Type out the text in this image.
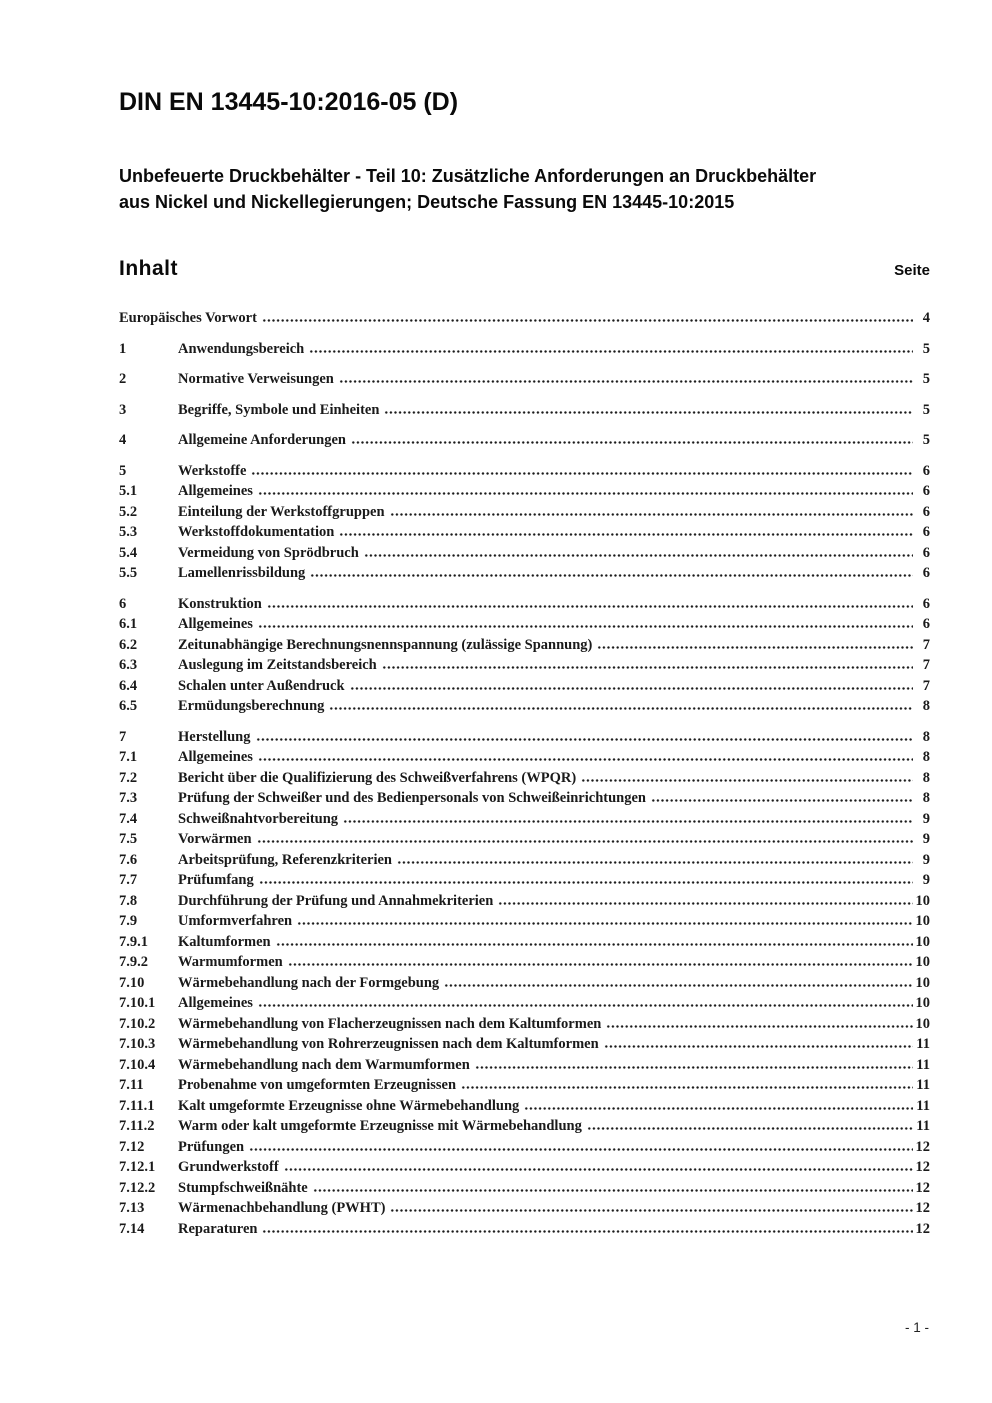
DIN EN 13445-10:2016-05 (D)
Unbefeuerte Druckbehälter - Teil 10: Zusätzliche Anforderungen an Druckbehälter
aus Nickel und Nickellegierungen; Deutsche Fassung EN 13445-10:2015
Inhalt	Seite
Europäisches Vorwort	4
1	Anwendungsbereich	5
2	Normative Verweisungen	5
3	Begriffe, Symbole und Einheiten	5
4	Allgemeine Anforderungen	5
5	Werkstoffe	6
5.1	Allgemeines	6
5.2	Einteilung der Werkstoffgruppen	6
5.3	Werkstoffdokumentation	6
5.4	Vermeidung von Sprödbruch	6
5.5	Lamellenrissbildung	6
6	Konstruktion	6
6.1	Allgemeines	6
6.2	Zeitunabhängige Berechnungsnennspannung (zulässige Spannung)	7
6.3	Auslegung im Zeitstandsbereich	7
6.4	Schalen unter Außendruck	7
6.5	Ermüdungsberechnung	8
7	Herstellung	8
7.1	Allgemeines	8
7.2	Bericht über die Qualifizierung des Schweißverfahrens (WPQR)	8
7.3	Prüfung der Schweißer und des Bedienpersonals von Schweißeinrichtungen	8
7.4	Schweißnahtvorbereitung	9
7.5	Vorwärmen	9
7.6	Arbeitsprüfung, Referenzkriterien	9
7.7	Prüfumfang	9
7.8	Durchführung der Prüfung und Annahmekriterien	10
7.9	Umformverfahren	10
7.9.1	Kaltumformen	10
7.9.2	Warmumformen	10
7.10	Wärmebehandlung nach der Formgebung	10
7.10.1	Allgemeines	10
7.10.2	Wärmebehandlung von Flacherzeugnissen nach dem Kaltumformen	10
7.10.3	Wärmebehandlung von Rohrerzeugnissen nach dem Kaltumformen	11
7.10.4	Wärmebehandlung nach dem Warmumformen	11
7.11	Probenahme von umgeformten Erzeugnissen	11
7.11.1	Kalt umgeformte Erzeugnisse ohne Wärmebehandlung	11
7.11.2	Warm oder kalt umgeformte Erzeugnisse mit Wärmebehandlung	11
7.12	Prüfungen	12
7.12.1	Grundwerkstoff	12
7.12.2	Stumpfschweißnähte	12
7.13	Wärmenachbehandlung (PWHT)	12
7.14	Reparaturen	12
- 1 -
